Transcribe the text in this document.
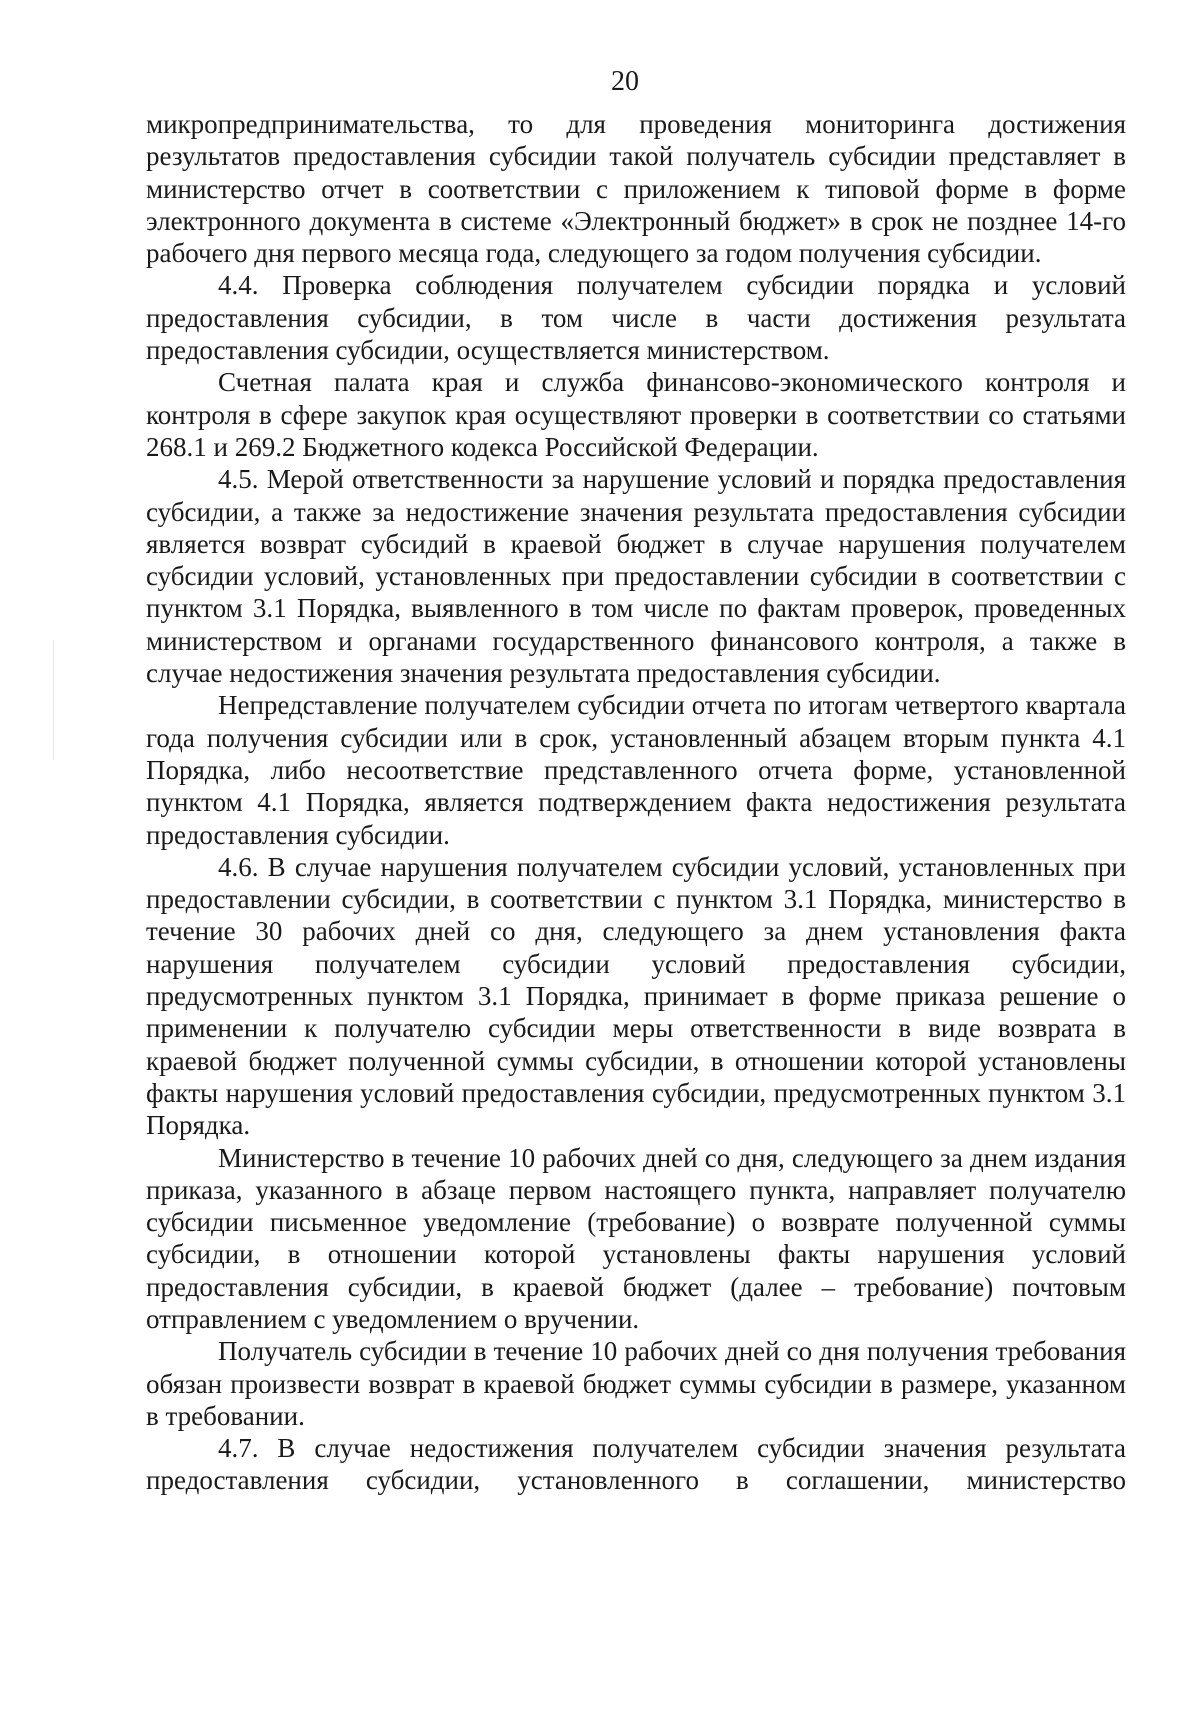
20

микропредпринимательства, то для проведения мониторинга достижения результатов предоставления субсидии такой получатель субсидии представляет в министерство отчет в соответствии с приложением к типовой форме в форме электронного документа в системе «Электронный бюджет» в срок не позднее 14-го рабочего дня первого месяца года, следующего за годом получения субсидии.

4.4. Проверка соблюдения получателем субсидии порядка и условий предоставления субсидии, в том числе в части достижения результата предоставления субсидии, осуществляется министерством.

Счетная палата края и служба финансово-экономического контроля и контроля в сфере закупок края осуществляют проверки в соответствии со статьями 268.1 и 269.2 Бюджетного кодекса Российской Федерации.

4.5. Мерой ответственности за нарушение условий и порядка предоставления субсидии, а также за недостижение значения результата предоставления субсидии является возврат субсидий в краевой бюджет в случае нарушения получателем субсидии условий, установленных при предоставлении субсидии в соответствии с пунктом 3.1 Порядка, выявленного в том числе по фактам проверок, проведенных министерством и органами государственного финансового контроля, а также в случае недостижения значения результата предоставления субсидии.

Непредставление получателем субсидии отчета по итогам четвертого квартала года получения субсидии или в срок, установленный абзацем вторым пункта 4.1 Порядка, либо несоответствие представленного отчета форме, установленной пунктом 4.1 Порядка, является подтверждением факта недостижения результата предоставления субсидии.

4.6. В случае нарушения получателем субсидии условий, установленных при предоставлении субсидии, в соответствии с пунктом 3.1 Порядка, министерство в течение 30 рабочих дней со дня, следующего за днем установления факта нарушения получателем субсидии условий предоставления субсидии, предусмотренных пунктом 3.1 Порядка, принимает в форме приказа решение о применении к получателю субсидии меры ответственности в виде возврата в краевой бюджет полученной суммы субсидии, в отношении которой установлены факты нарушения условий предоставления субсидии, предусмотренных пунктом 3.1 Порядка.

Министерство в течение 10 рабочих дней со дня, следующего за днем издания приказа, указанного в абзаце первом настоящего пункта, направляет получателю субсидии письменное уведомление (требование) о возврате полученной суммы субсидии, в отношении которой установлены факты нарушения условий предоставления субсидии, в краевой бюджет (далее – требование) почтовым отправлением с уведомлением о вручении.

Получатель субсидии в течение 10 рабочих дней со дня получения требования обязан произвести возврат в краевой бюджет суммы субсидии в размере, указанном в требовании.

4.7. В случае недостижения получателем субсидии значения результата предоставления субсидии, установленного в соглашении, министерство
